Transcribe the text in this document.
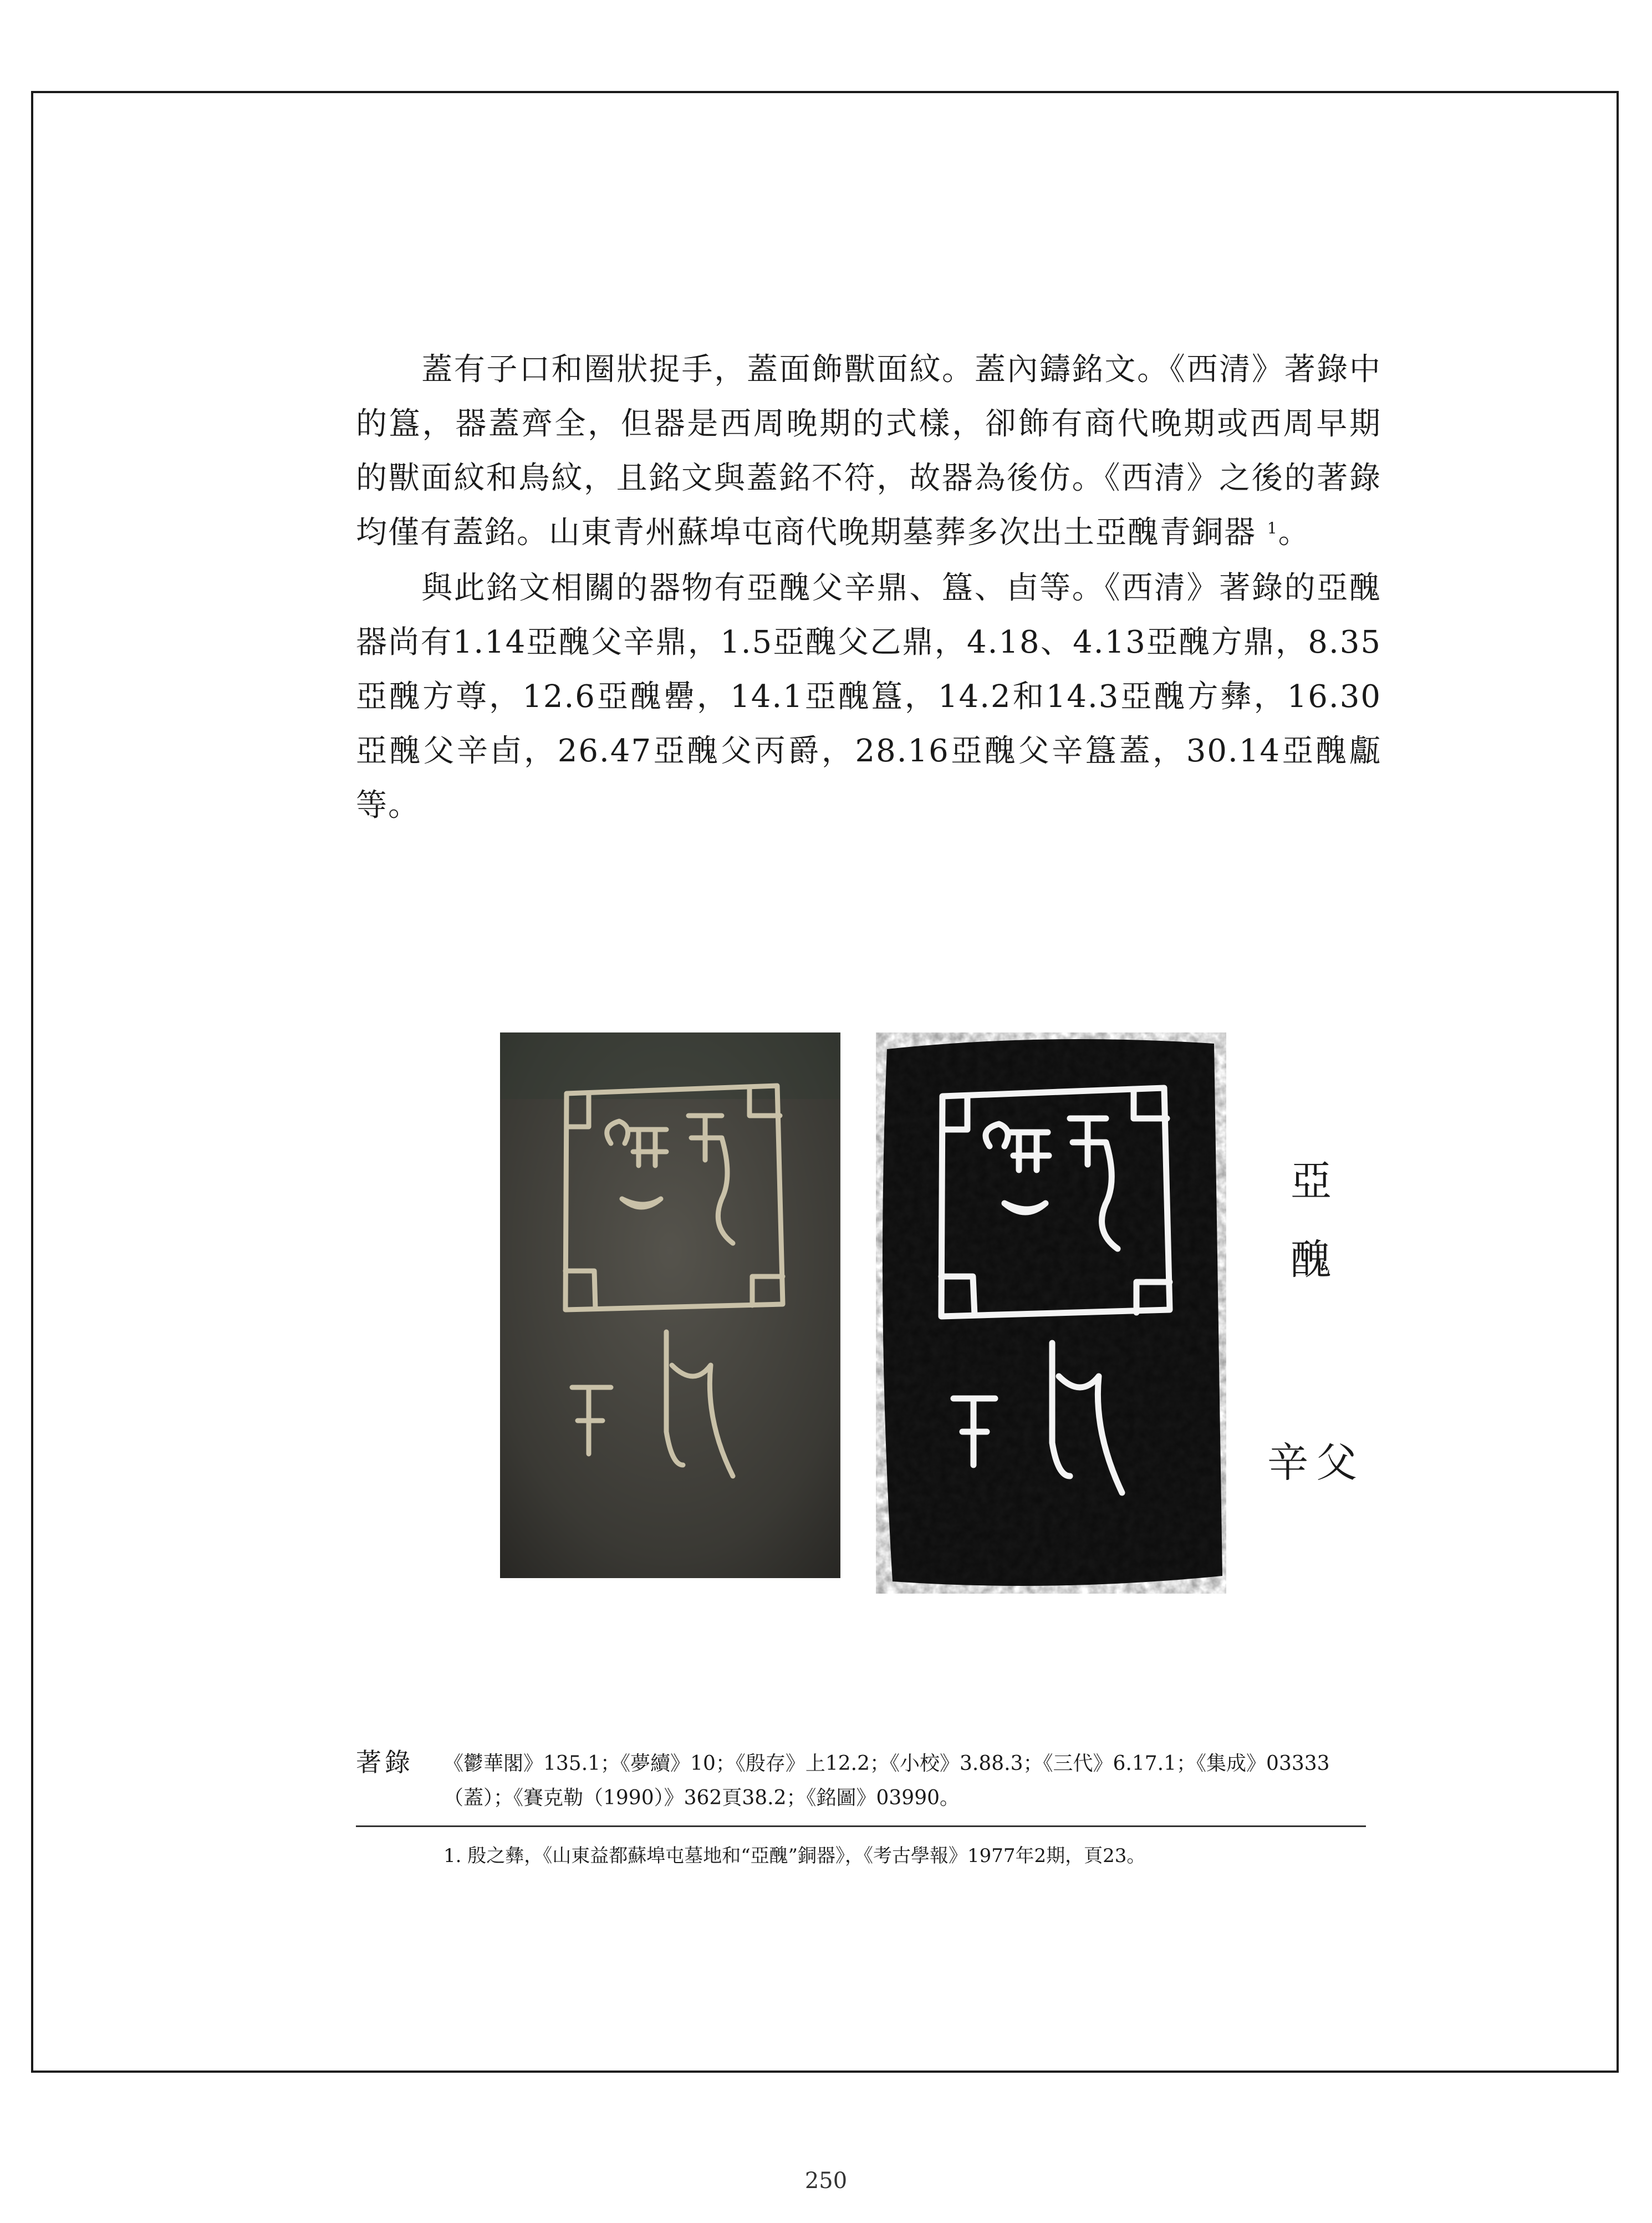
蓋有子口和圈狀捉手，蓋面飾獸面紋。蓋內鑄銘文。《西清》著錄中的簋，器蓋齊全，但器是西周晚期的式樣，卻飾有商代晚期或西周早期的獸面紋和鳥紋，且銘文與蓋銘不符，故器為後仿。《西清》之後的著錄均僅有蓋銘。山東青州蘇埠屯商代晚期墓葬多次出土亞醜青銅器 $^1$。

與此銘文相關的器物有亞醜父辛鼎、簋、卣等。《西清》著錄的亞醜器尚有1.14亞醜父辛鼎，1.5亞醜父乙鼎，4.18、4.13亞醜方鼎，8.35亞醜方尊，12.6亞醜罍，14.1亞醜簋，14.2和14.3亞醜方彝，16.30亞醜父辛卣，26.47亞醜父丙爵，28.16亞醜父辛簋蓋，30.14亞醜甗等。

亞
醜
辛父
著錄 《鬱華閣》135.1；《夢續》10；《殷存》上12.2；《小校》3.88.3；《三代》6.17.1；《集成》03333（蓋）；《賽克勒（1990）》362頁38.2；《銘圖》03990。
1. 殷之彝，《山東益都蘇埠屯墓地和“亞醜”銅器》，《考古學報》1977年2期，頁23。
250
